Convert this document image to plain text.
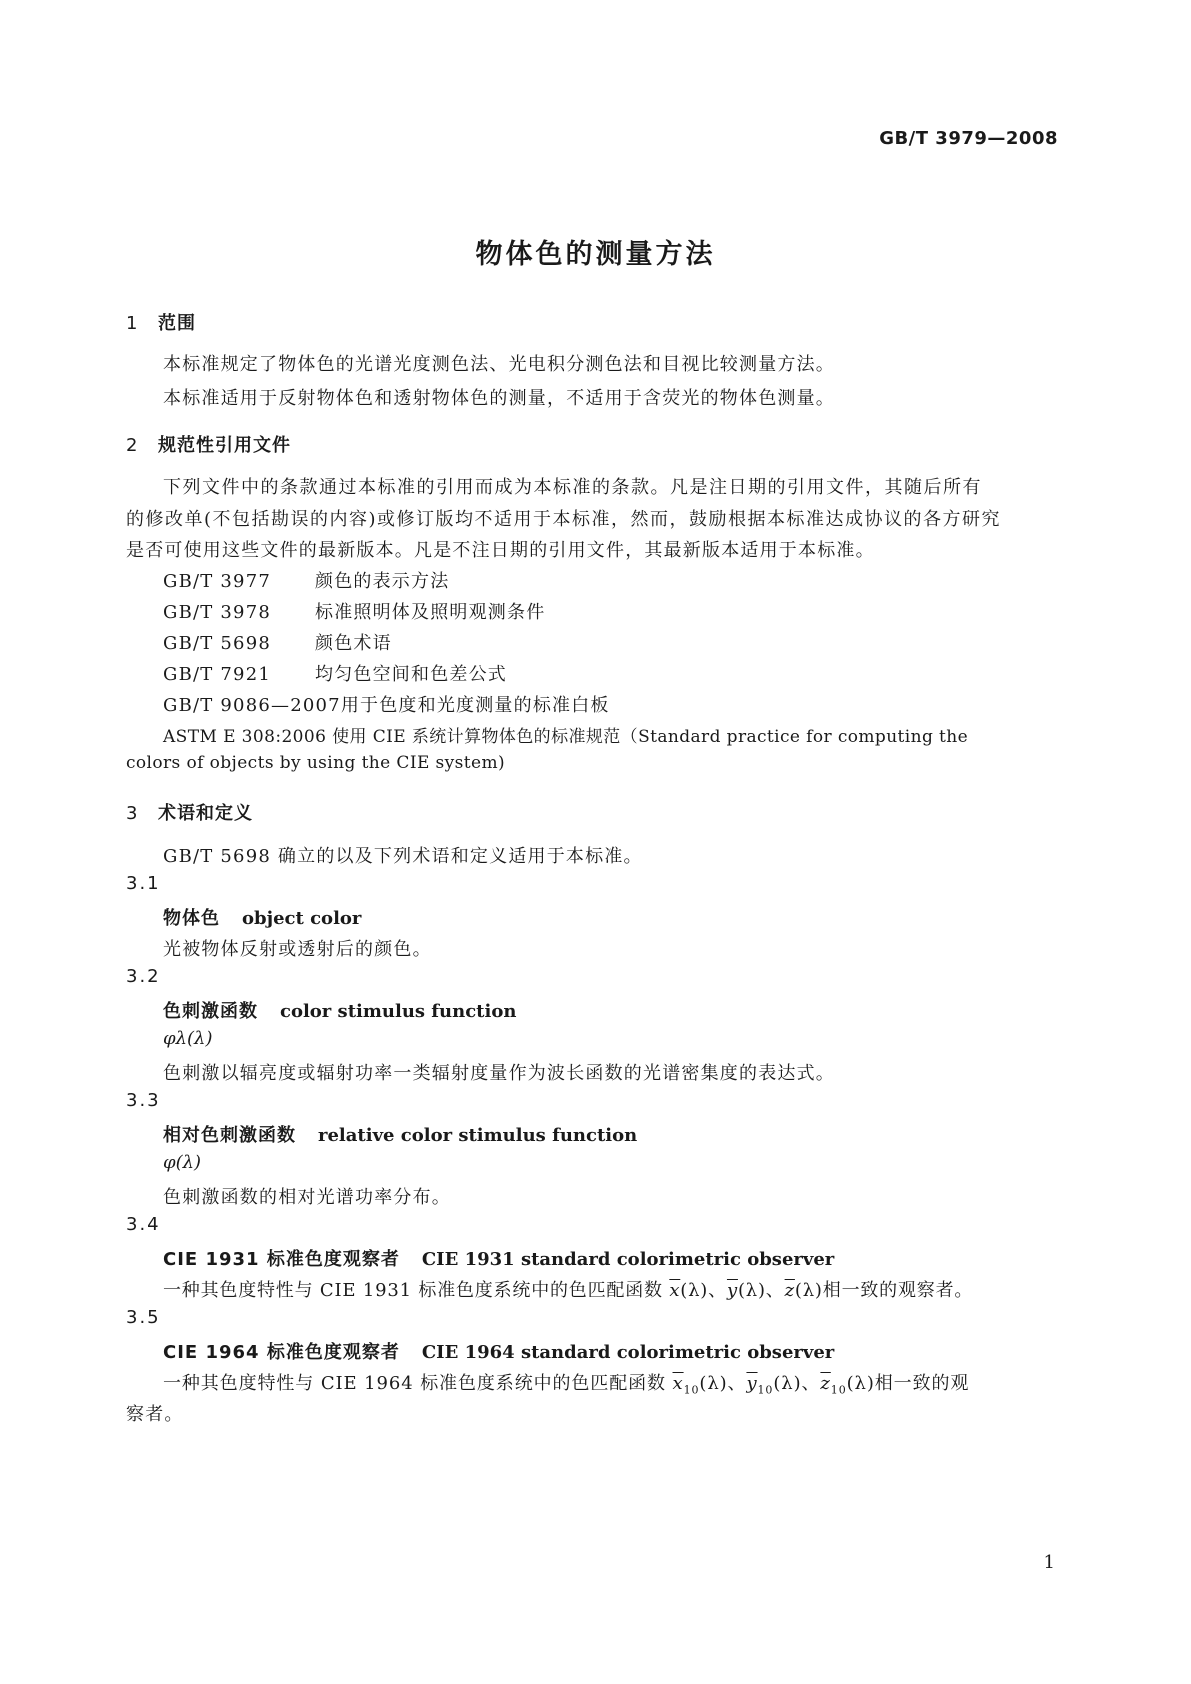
GB/T 3979—2008
物体色的测量方法
1 范围
本标准规定了物体色的光谱光度测色法、光电积分测色法和目视比较测量方法。
本标准适用于反射物体色和透射物体色的测量，不适用于含荧光的物体色测量。
2 规范性引用文件
下列文件中的条款通过本标准的引用而成为本标准的条款。凡是注日期的引用文件，其随后所有
的修改单(不包括勘误的内容)或修订版均不适用于本标准，然而，鼓励根据本标准达成协议的各方研究
是否可使用这些文件的最新版本。凡是不注日期的引用文件，其最新版本适用于本标准。
GB/T 3977 颜色的表示方法
GB/T 3978 标准照明体及照明观测条件
GB/T 5698 颜色术语
GB/T 7921 均匀色空间和色差公式
GB/T 9086—2007用于色度和光度测量的标准白板
ASTM E 308:2006 使用 CIE 系统计算物体色的标准规范（Standard practice for computing the
colors of objects by using the CIE system)
3 术语和定义
GB/T 5698 确立的以及下列术语和定义适用于本标准。
3.1
物体色 object color
光被物体反射或透射后的颜色。
3.2
色刺激函数 color stimulus function
φλ(λ)
色刺激以辐亮度或辐射功率一类辐射度量作为波长函数的光谱密集度的表达式。
3.3
相对色刺激函数 relative color stimulus function
φ(λ)
色刺激函数的相对光谱功率分布。
3.4
CIE 1931 标准色度观察者 CIE 1931 standard colorimetric observer
一种其色度特性与 CIE 1931 标准色度系统中的色匹配函数 $\overline{x}(\lambda)$、$\overline{y}(\lambda)$、$\overline{z}(\lambda)$相一致的观察者。
3.5
CIE 1964 标准色度观察者 CIE 1964 standard colorimetric observer
一种其色度特性与 CIE 1964 标准色度系统中的色匹配函数 $\overline{x}_{10}(\lambda)$、$\overline{y}_{10}(\lambda)$、$\overline{z}_{10}(\lambda)$相一致的观
察者。
1
